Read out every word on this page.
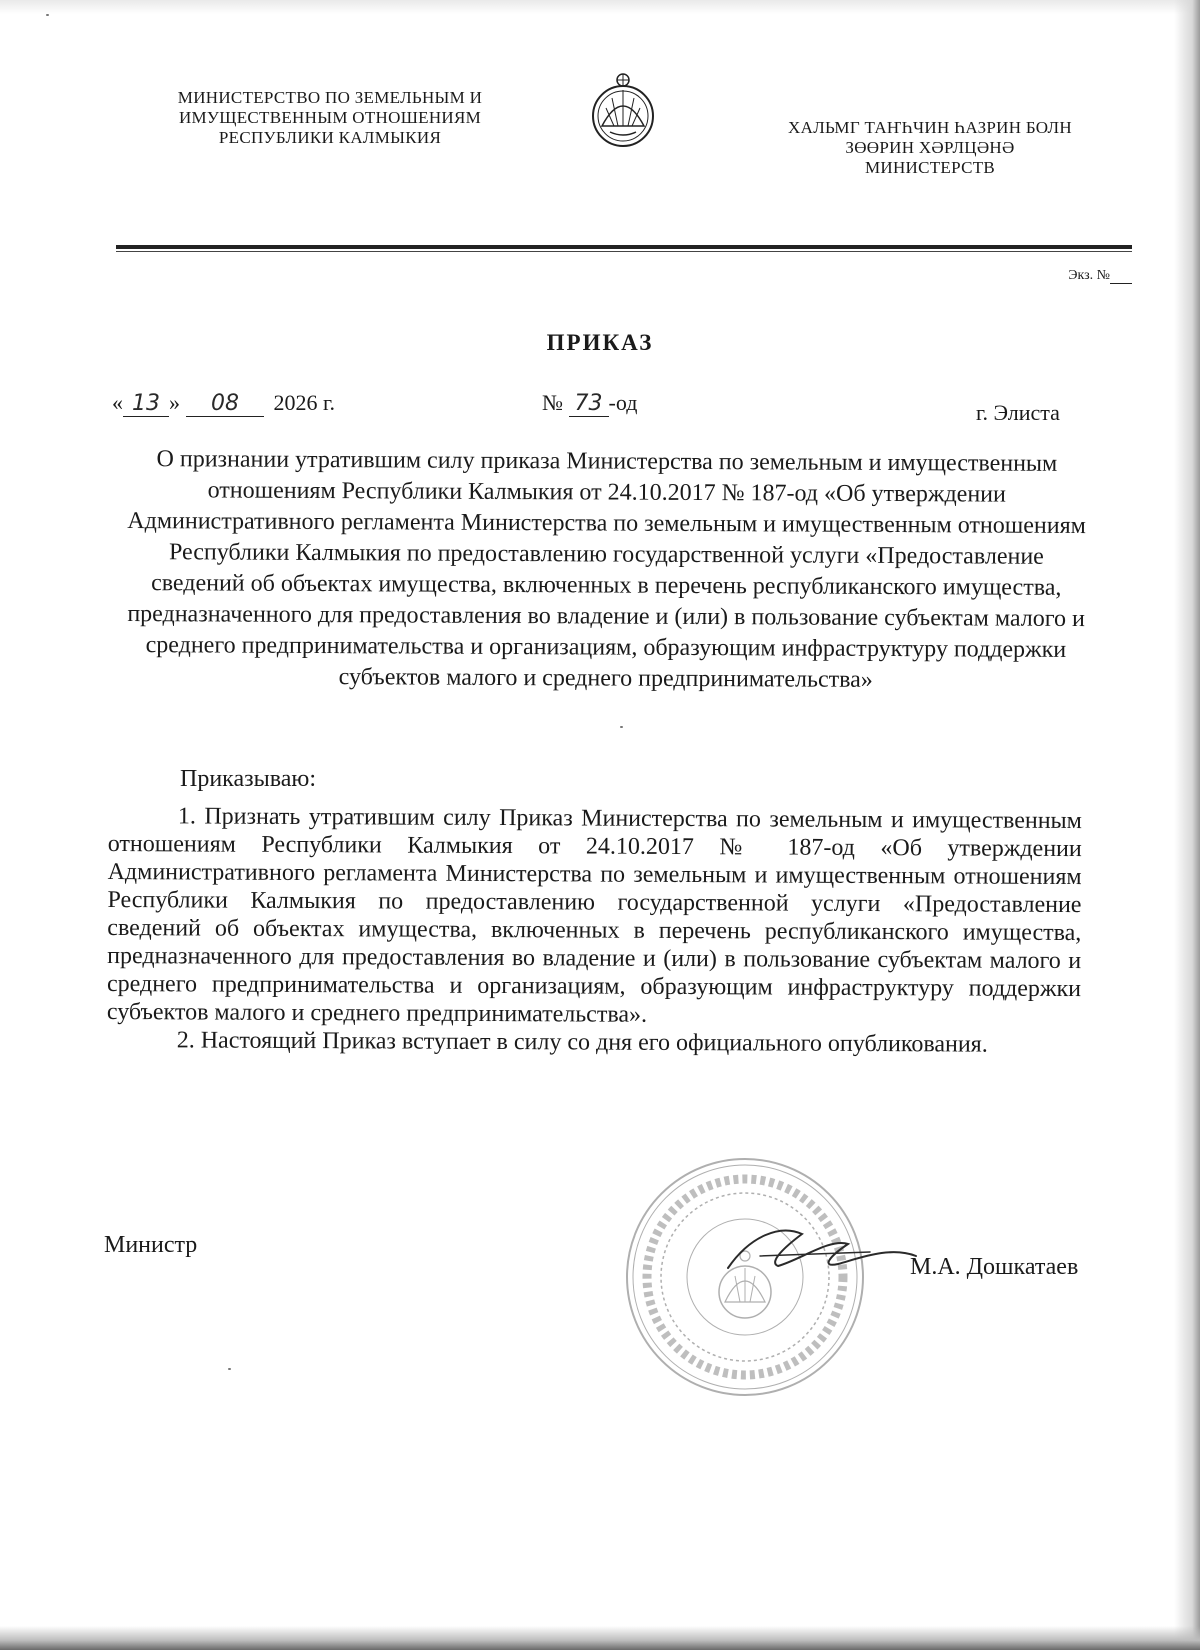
МИНИСТЕРСТВО ПО ЗЕМЕЛЬНЫМ И ИМУЩЕСТВЕННЫМ ОТНОШЕНИЯМ РЕСПУБЛИКИ КАЛМЫКИЯ
ХАЛЬМГ ТАҤҺЧИН ҺАЗРИН БОЛН ЗӨӨРИН ХӘРЛЦӘНӘ МИНИСТЕРСТВ
Экз. №
ПРИКАЗ
« 13 » 08 2026 г.	№ 73 -од	г. Элиста
О признании утратившим силу приказа Министерства по земельным и имущественным отношениям Республики Калмыкия от 24.10.2017 № 187-од «Об утверждении Административного регламента Министерства по земельным и имущественным отношениям Республики Калмыкия по предоставлению государственной услуги «Предоставление сведений об объектах имущества, включенных в перечень республиканского имущества, предназначенного для предоставления во владение и (или) в пользование субъектам малого и среднего предпринимательства и организациям, образующим инфраструктуру поддержки субъектов малого и среднего предпринимательства»
Приказываю:

1. Признать утратившим силу Приказ Министерства по земельным и имущественным отношениям Республики Калмыкия от 24.10.2017 № 187-од «Об утверждении Административного регламента Министерства по земельным и имущественным отношениям Республики Калмыкия по предоставлению государственной услуги «Предоставление сведений об объектах имущества, включенных в перечень республиканского имущества, предназначенного для предоставления во владение и (или) в пользование субъектам малого и среднего предпринимательства и организациям, образующим инфраструктуру поддержки субъектов малого и среднего предпринимательства».

2. Настоящий Приказ вступает в силу со дня его официального опубликования.

Министр
М.А. Дошкатаев
